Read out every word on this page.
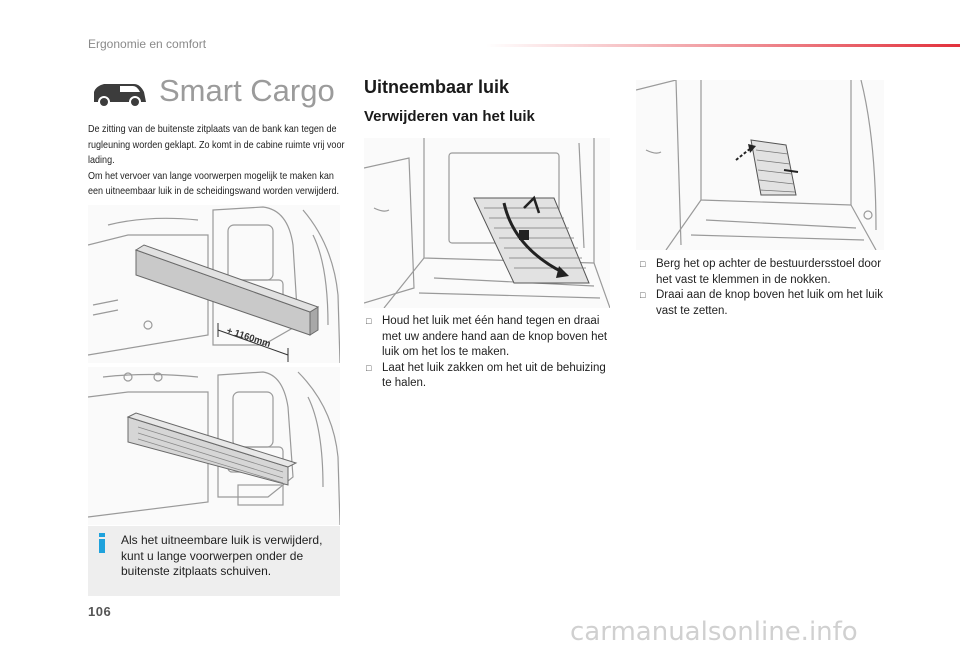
Ergonomie en comfort
Smart Cargo

De zitting van de buitenste zitplaats van de bank kan tegen de

rugleuning worden geklapt. Zo komt in de cabine ruimte vrij voor

lading.

Om het vervoer van lange voorwerpen mogelijk te maken kan

een uitneembaar luik in de scheidingswand worden verwijderd.

+ 1160mm
Als het uitneembare luik is verwijderd, kunt u lange voorwerpen onder de buitenste zitplaats schuiven.
Uitneembaar luik
Verwijderen van het luik
□ Houd het luik met één hand tegen en draai met uw andere hand aan de knop boven het luik om het los te maken.
□ Laat het luik zakken om het uit de behuizing te halen.
□ Berg het op achter de bestuurdersstoel door het vast te klemmen in de nokken.
□ Draai aan de knop boven het luik om het luik vast te zetten.
106
carmanualsonline.info
